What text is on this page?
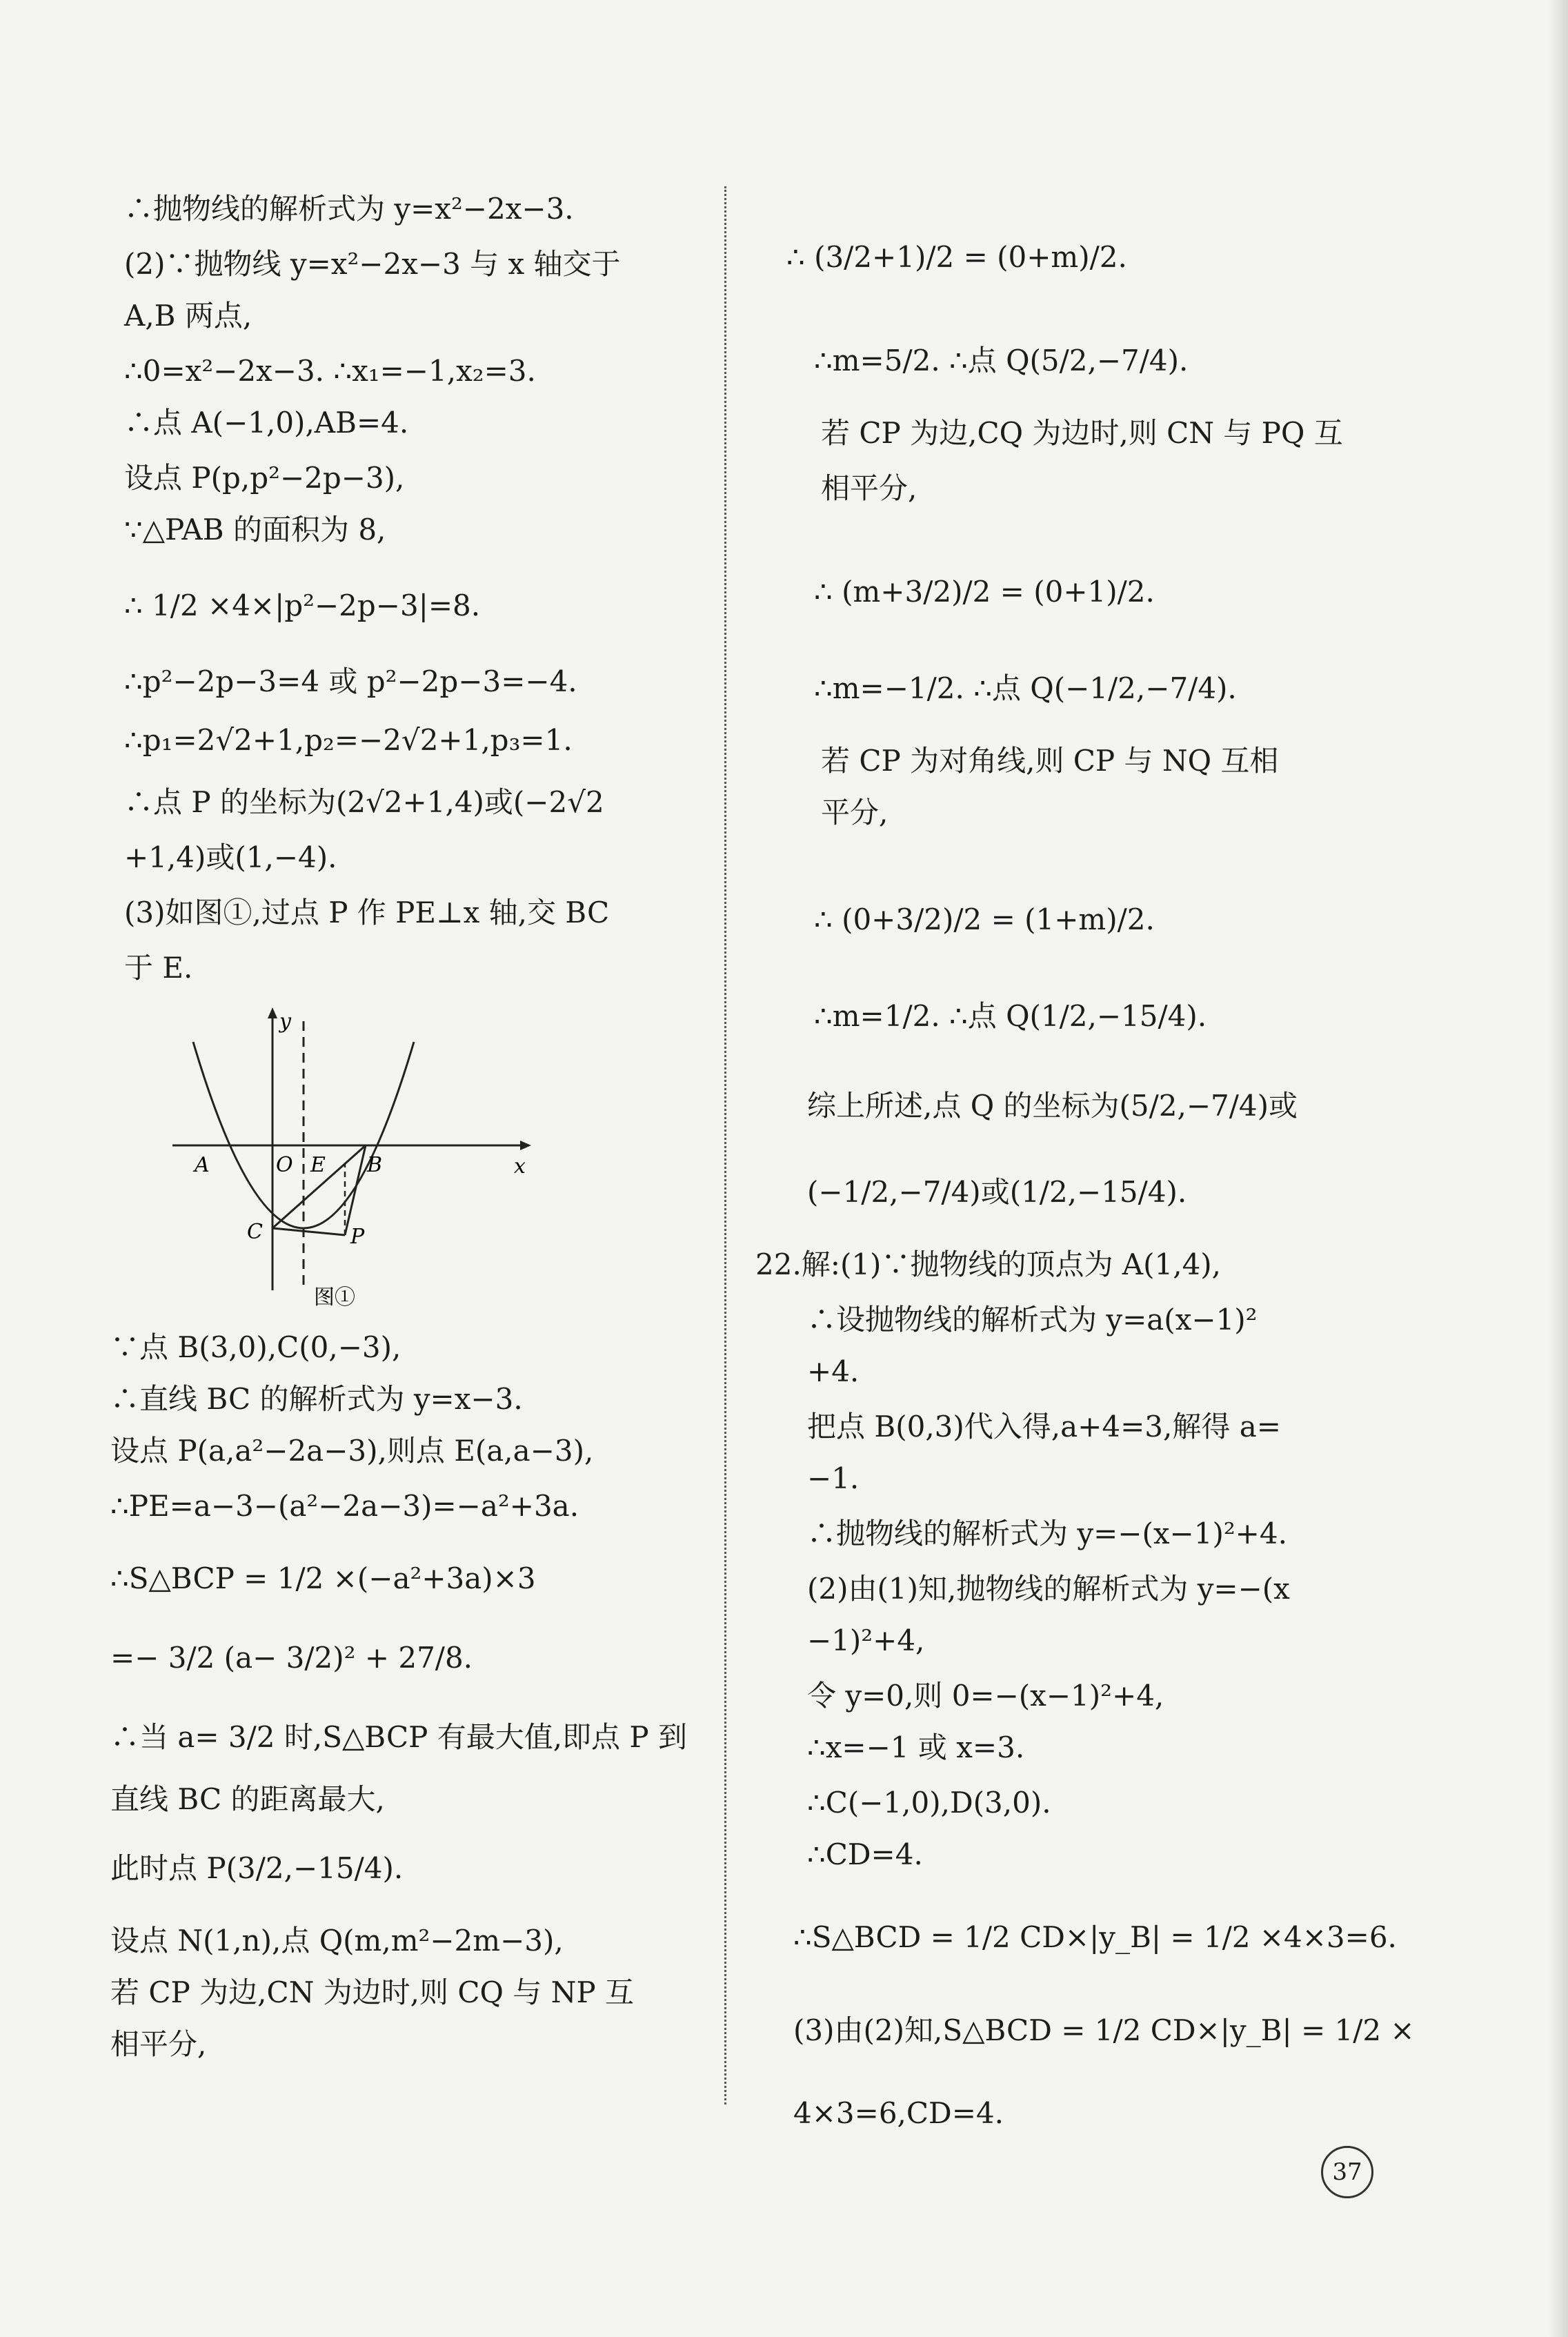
∴抛物线的解析式为 y=x²−2x−3.
(2)∵抛物线 y=x²−2x−3 与 x 轴交于
A,B 两点,
∴0=x²−2x−3. ∴x₁=−1,x₂=3.
∴点 A(−1,0),AB=4.
设点 P(p,p²−2p−3),
∵△PAB 的面积为 8,
∴ 1/2 ×4×|p²−2p−3|=8.
∴p²−2p−3=4 或 p²−2p−3=−4.
∴p₁=2√2+1,p₂=−2√2+1,p₃=1.
∴点 P 的坐标为(2√2+1,4)或(−2√2
+1,4)或(1,−4).
(3)如图①,过点 P 作 PE⊥x 轴,交 BC
于 E.
∵点 B(3,0),C(0,−3),
∴直线 BC 的解析式为 y=x−3.
设点 P(a,a²−2a−3),则点 E(a,a−3),
∴PE=a−3−(a²−2a−3)=−a²+3a.
∴S△BCP = 1/2 ×(−a²+3a)×3
=− 3/2 (a− 3/2)² + 27/8.
∴当 a= 3/2 时,S△BCP 有最大值,即点 P 到
直线 BC 的距离最大,
此时点 P(3/2,−15/4).
设点 N(1,n),点 Q(m,m²−2m−3),
若 CP 为边,CN 为边时,则 CQ 与 NP 互
相平分,
y
x
A	O E B
C	P
图①
∴ (3/2+1)/2 = (0+m)/2.
∴m=5/2. ∴点 Q(5/2,−7/4).
若 CP 为边,CQ 为边时,则 CN 与 PQ 互
相平分,
∴ (m+3/2)/2 = (0+1)/2.
∴m=−1/2. ∴点 Q(−1/2,−7/4).
若 CP 为对角线,则 CP 与 NQ 互相
平分,
∴ (0+3/2)/2 = (1+m)/2.
∴m=1/2. ∴点 Q(1/2,−15/4).
综上所述,点 Q 的坐标为(5/2,−7/4)或
(−1/2,−7/4)或(1/2,−15/4).
22.解:(1)∵抛物线的顶点为 A(1,4),
∴设抛物线的解析式为 y=a(x−1)²
+4.
把点 B(0,3)代入得,a+4=3,解得 a=
−1.
∴抛物线的解析式为 y=−(x−1)²+4.
(2)由(1)知,抛物线的解析式为 y=−(x
−1)²+4,
令 y=0,则 0=−(x−1)²+4,
∴x=−1 或 x=3.
∴C(−1,0),D(3,0).
∴CD=4.
∴S△BCD = 1/2 CD×|y_B| = 1/2 ×4×3=6.
(3)由(2)知,S△BCD = 1/2 CD×|y_B| = 1/2 ×
4×3=6,CD=4.
37
